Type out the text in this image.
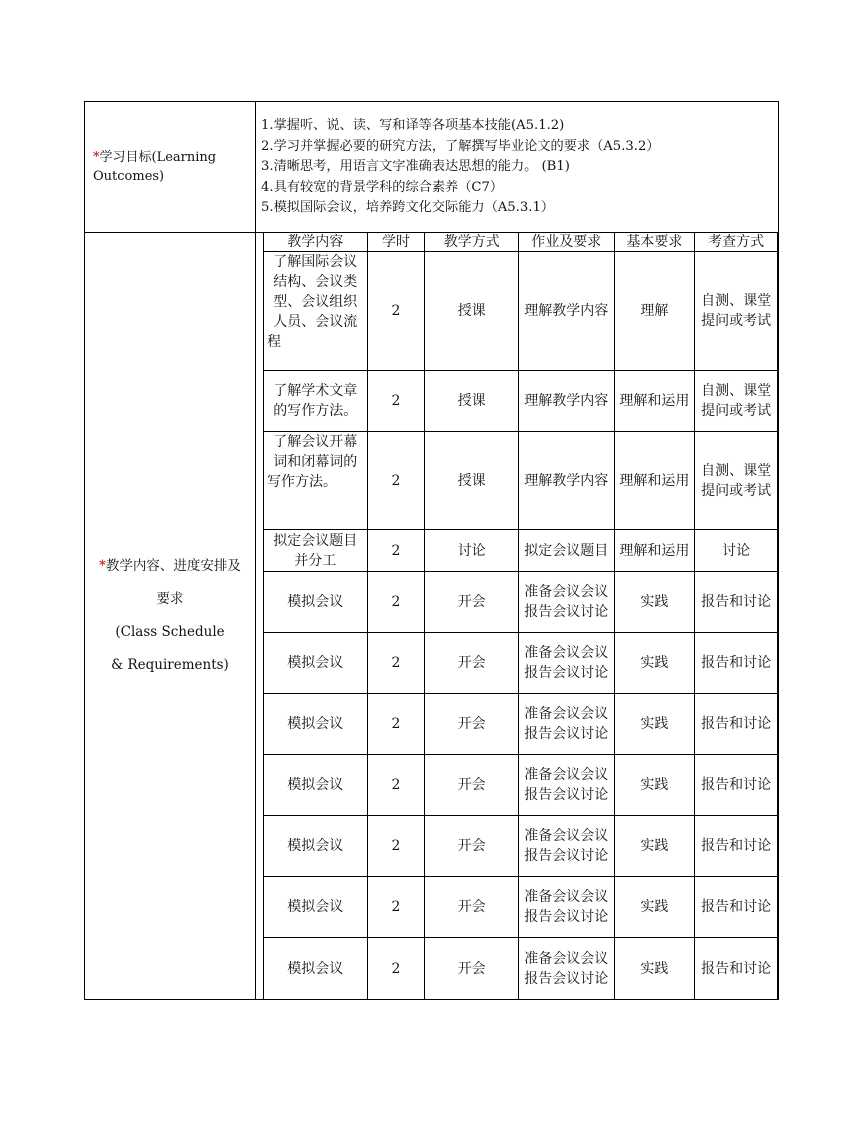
*学习目标(Learning
Outcomes)
1.掌握听、说、读、写和译等各项基本技能(A5.1.2)
2.学习并掌握必要的研究方法，了解撰写毕业论文的要求（A5.3.2）
3.清晰思考，用语言文字准确表达思想的能力。 (B1)
4.具有较宽的背景学科的综合素养（C7）
5.模拟国际会议，培养跨文化交际能力（A5.3.1）
*教学内容、进度安排及
要求
(Class Schedule
& Requirements)
教学内容	学时	教学方式	作业及要求	基本要求	考查方式
了解国际会议结构、会议类型、会议组织人员、会议流程	2	授课	理解教学内容	理解	自测、课堂提问或考试
了解学术文章的写作方法。	2	授课	理解教学内容	理解和运用	自测、课堂提问或考试
了解会议开幕词和闭幕词的写作方法。	2	授课	理解教学内容	理解和运用	自测、课堂提问或考试
拟定会议题目并分工	2	讨论	拟定会议题目	理解和运用	讨论
模拟会议	2	开会	准备会议会议报告会议讨论	实践	报告和讨论
模拟会议	2	开会	准备会议会议报告会议讨论	实践	报告和讨论
模拟会议	2	开会	准备会议会议报告会议讨论	实践	报告和讨论
模拟会议	2	开会	准备会议会议报告会议讨论	实践	报告和讨论
模拟会议	2	开会	准备会议会议报告会议讨论	实践	报告和讨论
模拟会议	2	开会	准备会议会议报告会议讨论	实践	报告和讨论
模拟会议	2	开会	准备会议会议报告会议讨论	实践	报告和讨论
